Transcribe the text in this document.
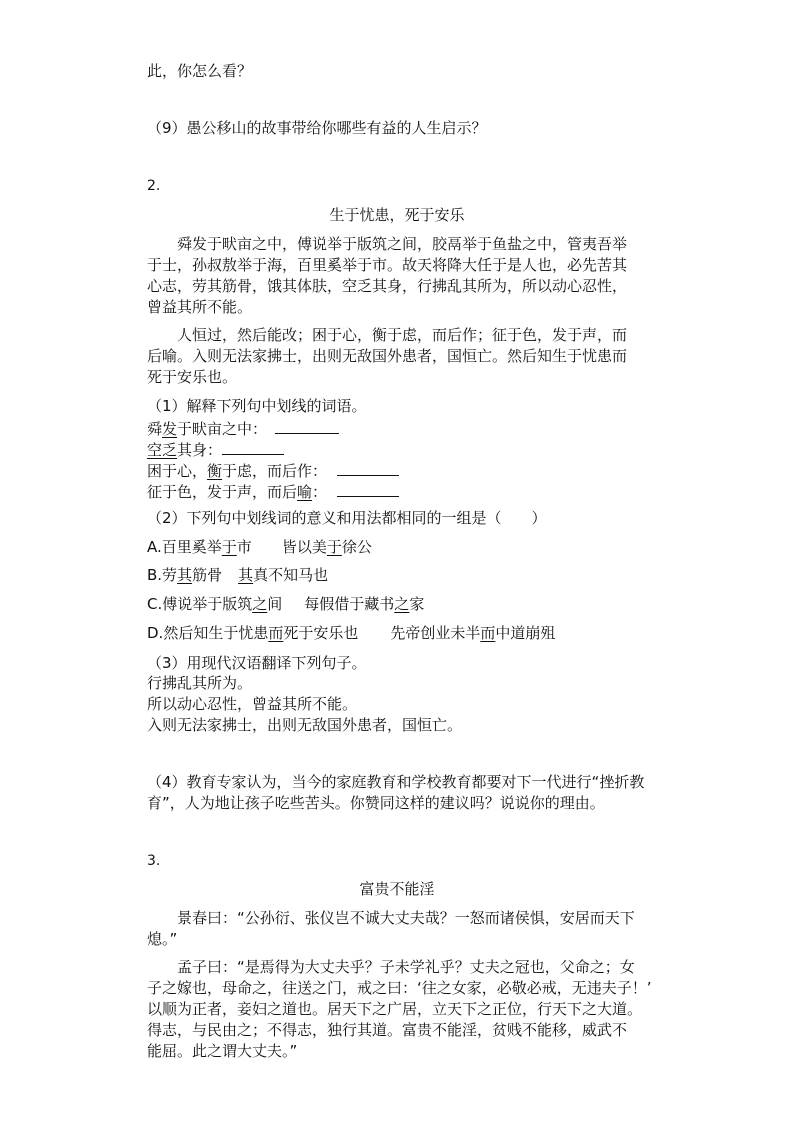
此，你怎么看？
（9）愚公移山的故事带给你哪些有益的人生启示？
2.
生于忧患，死于安乐
舜发于畎亩之中，傅说举于版筑之间，胶鬲举于鱼盐之中，管夷吾举
于士，孙叔敖举于海，百里奚举于市。故天将降大任于是人也，必先苦其
心志，劳其筋骨，饿其体肤，空乏其身，行拂乱其所为，所以动心忍性，
曾益其所不能。
人恒过，然后能改；困于心，衡于虑，而后作；征于色，发于声，而
后喻。入则无法家拂士，出则无敌国外患者，国恒亡。然后知生于忧患而
死于安乐也。
（1）解释下列句中划线的词语。
舜发于畎亩之中：
空乏其身：
困于心，衡于虑，而后作：
征于色，发于声，而后喻：
（2）下列句中划线词的意义和用法都相同的一组是（　　）
A.百里奚举于市 皆以美于徐公
B.劳其筋骨 其真不知马也
C.傅说举于版筑之间 每假借于藏书之家
D.然后知生于忧患而死于安乐也 先帝创业未半而中道崩殂
（3）用现代汉语翻译下列句子。
行拂乱其所为。
所以动心忍性，曾益其所不能。
入则无法家拂士，出则无敌国外患者，国恒亡。
（4）教育专家认为，当今的家庭教育和学校教育都要对下一代进行“挫折教
育”，人为地让孩子吃些苦头。你赞同这样的建议吗？说说你的理由。
3.
富贵不能淫
景春曰：“公孙衍、张仪岂不诚大丈夫哉？一怒而诸侯惧，安居而天下
熄。”
孟子曰：“是焉得为大丈夫乎？子未学礼乎？丈夫之冠也，父命之；女
子之嫁也，母命之，往送之门，戒之曰：‘往之女家，必敬必戒，无违夫子！’
以顺为正者，妾妇之道也。居天下之广居，立天下之正位，行天下之大道。
得志，与民由之；不得志，独行其道。富贵不能淫，贫贱不能移，威武不
能屈。此之谓大丈夫。”
